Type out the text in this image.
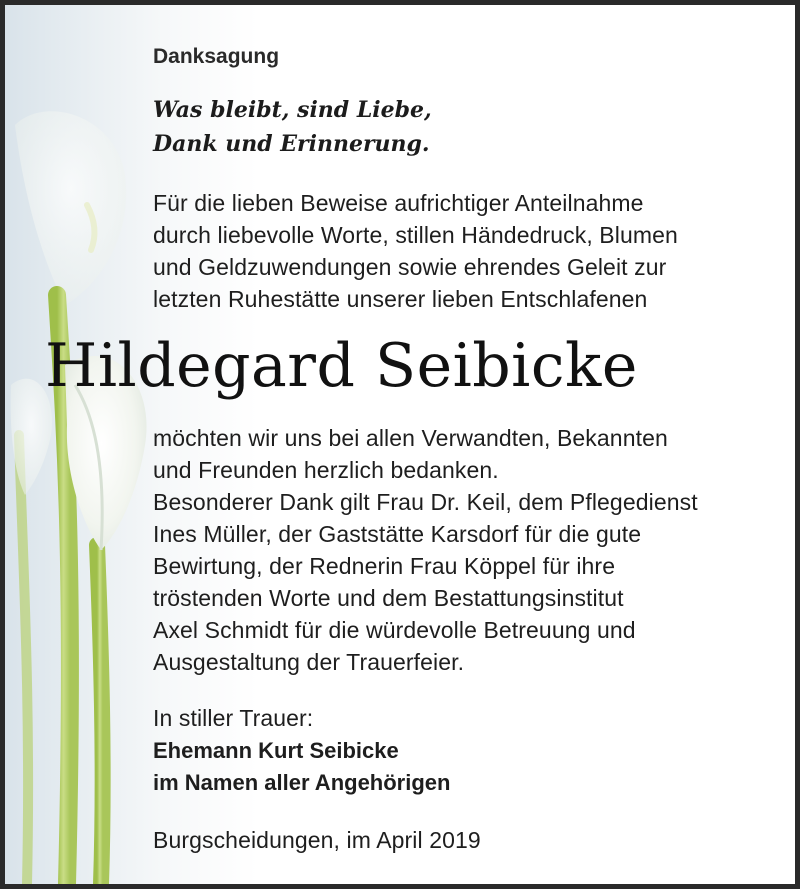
Danksagung

Was bleibt, sind Liebe,

Dank und Erinnerung.

Für die lieben Beweise aufrichtiger Anteilnahme

durch liebevolle Worte, stillen Händedruck, Blumen

und Geldzuwendungen sowie ehrendes Geleit zur

letzten Ruhestätte unserer lieben Entschlafenen

Hildegard Seibicke

möchten wir uns bei allen Verwandten, Bekannten

und Freunden herzlich bedanken.

Besonderer Dank gilt Frau Dr. Keil, dem Pflegedienst

Ines Müller, der Gaststätte Karsdorf für die gute

Bewirtung, der Rednerin Frau Köppel für ihre

tröstenden Worte und dem Bestattungsinstitut

Axel Schmidt für die würdevolle Betreuung und

Ausgestaltung der Trauerfeier.

In stiller Trauer:

Ehemann Kurt Seibicke

im Namen aller Angehörigen

Burgscheidungen, im April 2019
